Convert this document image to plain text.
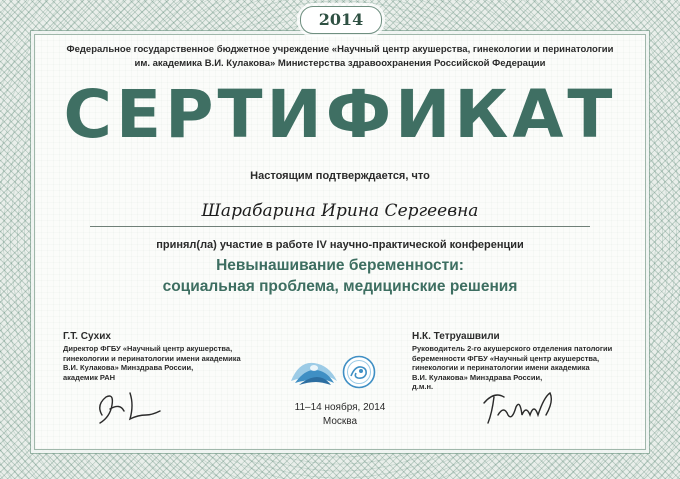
2014
Федеральное государственное бюджетное учреждение «Научный центр акушерства, гинекологии и перинатологии
им. академика В.И. Кулакова» Министерства здравоохранения Российской Федерации
СЕРТИФИКАТ
Настоящим подтверждается, что
Шарабарина Ирина Сергеевна
принял(ла) участие в работе IV научно-практической конференции
Невынашивание беременности:
социальная проблема, медицинские решения
Г.Т. Сухих
Директор ФГБУ «Научный центр акушерства,
гинекологии и перинатологии имени академика
В.И. Кулакова» Минздрава России,
академик РАН
Н.К. Тетруашвили
Руководитель 2-го акушерского отделения патологии
беременности ФГБУ «Научный центр акушерства,
гинекологии и перинатологии имени академика
В.И. Кулакова» Минздрава России,
д.м.н.
11–14 ноября, 2014
Москва
